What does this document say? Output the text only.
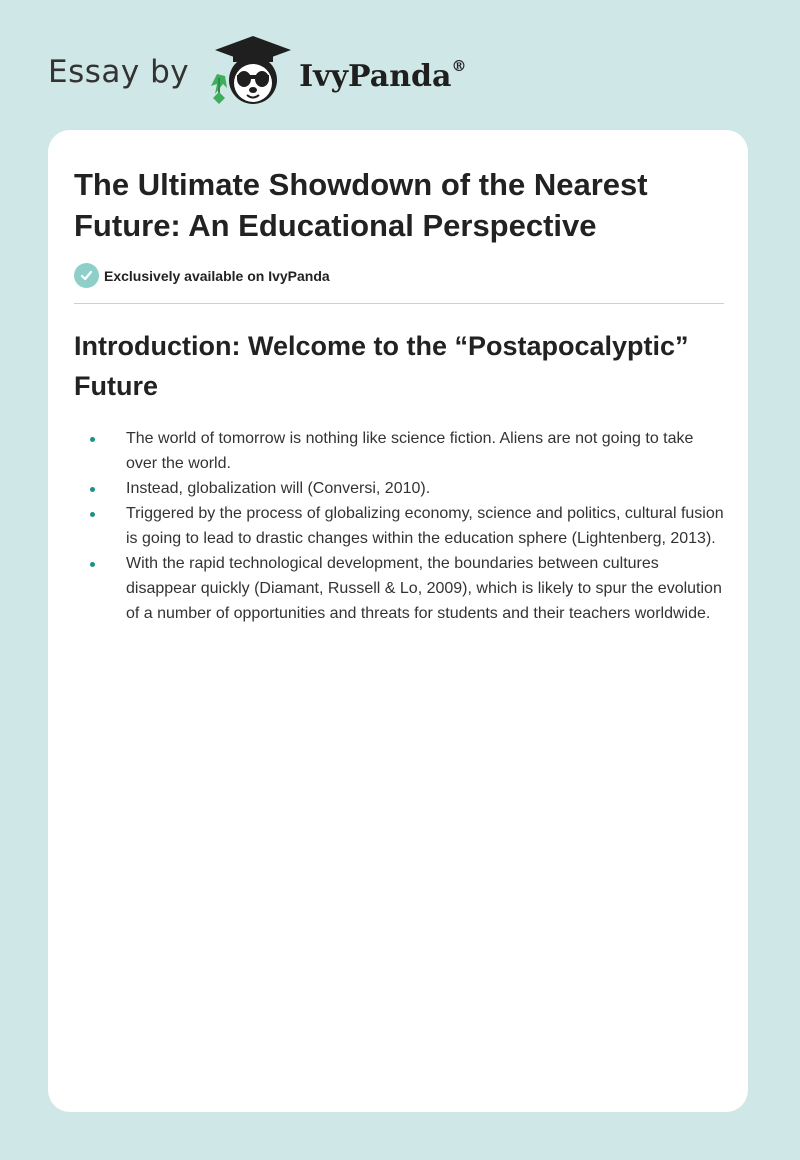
Essay by	IvyPanda®
The Ultimate Showdown of the Nearest Future: An Educational Perspective
Exclusively available on IvyPanda
Introduction: Welcome to the “Postapocalyptic” Future
The world of tomorrow is nothing like science fiction. Aliens are not going to take over the world.
Instead, globalization will (Conversi, 2010).
Triggered by the process of globalizing economy, science and politics, cultural fusion is going to lead to drastic changes within the education sphere (Lightenberg, 2013).
With the rapid technological development, the boundaries between cultures disappear quickly (Diamant, Russell & Lo, 2009), which is likely to spur the evolution of a number of opportunities and threats for students and their teachers worldwide.
